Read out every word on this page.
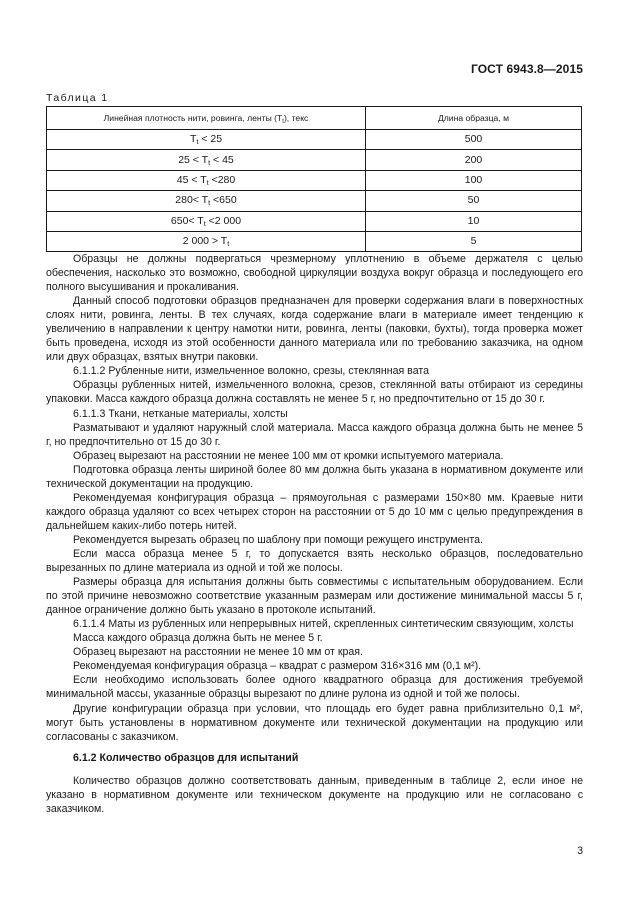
ГОСТ 6943.8—2015
Таблица 1
Линейная плотность нити, ровинга, ленты $(T_t)$, текс	Длина образца, м
$T_t < 25$	500
$25 < T_t < 45$	200
$45 < T_t <280$	100
$280< T_t <650$	50
$650< T_t <2$ 000	10
2 $000 > T_t$	5

Образцы не должны подвергаться чрезмерному уплотнению в объеме держателя с целью обеспечения, насколько это возможно, свободной циркуляции воздуха вокруг образца и последующего его полного высушивания и прокаливания.

Данный способ подготовки образцов предназначен для проверки содержания влаги в поверхностных слоях нити, ровинга, ленты. В тех случаях, когда содержание влаги в материале имеет тенденцию к увеличению в направлении к центру намотки нити, ровинга, ленты (паковки, бухты), тогда проверка может быть проведена, исходя из этой особенности данного материала или по требованию заказчика, на одном или двух образцах, взятых внутри паковки.

6.1.1.2 Рубленные нити, измельченное волокно, срезы, стеклянная вата

Образцы рубленных нитей, измельченного волокна, срезов, стеклянной ваты отбирают из середины упаковки. Масса каждого образца должна составлять не менее 5 г, но предпочтительно от 15 до 30 г.

6.1.1.3 Ткани, нетканые материалы, холсты

Разматывают и удаляют наружный слой материала. Масса каждого образца должна быть не менее 5 г, но предпочтительно от 15 до 30 г.

Образец вырезают на расстоянии не менее 100 мм от кромки испытуемого материала.

Подготовка образца ленты шириной более 80 мм должна быть указана в нормативном документе или технической документации на продукцию.

Рекомендуемая конфигурация образца – прямоугольная с размерами 150×80 мм. Краевые нити каждого образца удаляют со всех четырех сторон на расстоянии от 5 до 10 мм с целью предупреждения в дальнейшем каких-либо потерь нитей.

Рекомендуется вырезать образец по шаблону при помощи режущего инструмента.

Если масса образца менее 5 г, то допускается взять несколько образцов, последовательно вырезанных по длине материала из одной и той же полосы.

Размеры образца для испытания должны быть совместимы с испытательным оборудованием. Если по этой причине невозможно соответствие указанным размерам или достижение минимальной массы 5 г, данное ограничение должно быть указано в протоколе испытаний.

6.1.1.4 Маты из рубленных или непрерывных нитей, скрепленных синтетическим связующим, холсты

Масса каждого образца должна быть не менее 5 г.

Образец вырезают на расстоянии не менее 10 мм от края.

Рекомендуемая конфигурация образца – квадрат с размером 316×316 мм (0,1 м²).

Если необходимо использовать более одного квадратного образца для достижения требуемой минимальной массы, указанные образцы вырезают по длине рулона из одной и той же полосы.

Другие конфигурации образца при условии, что площадь его будет равна приблизительно 0,1 м², могут быть установлены в нормативном документе или технической документации на продукцию или согласованы с заказчиком.

6.1.2 Количество образцов для испытаний

Количество образцов должно соответствовать данным, приведенным в таблице 2, если иное не указано в нормативном документе или техническом документе на продукцию или не согласовано с заказчиком.

3
